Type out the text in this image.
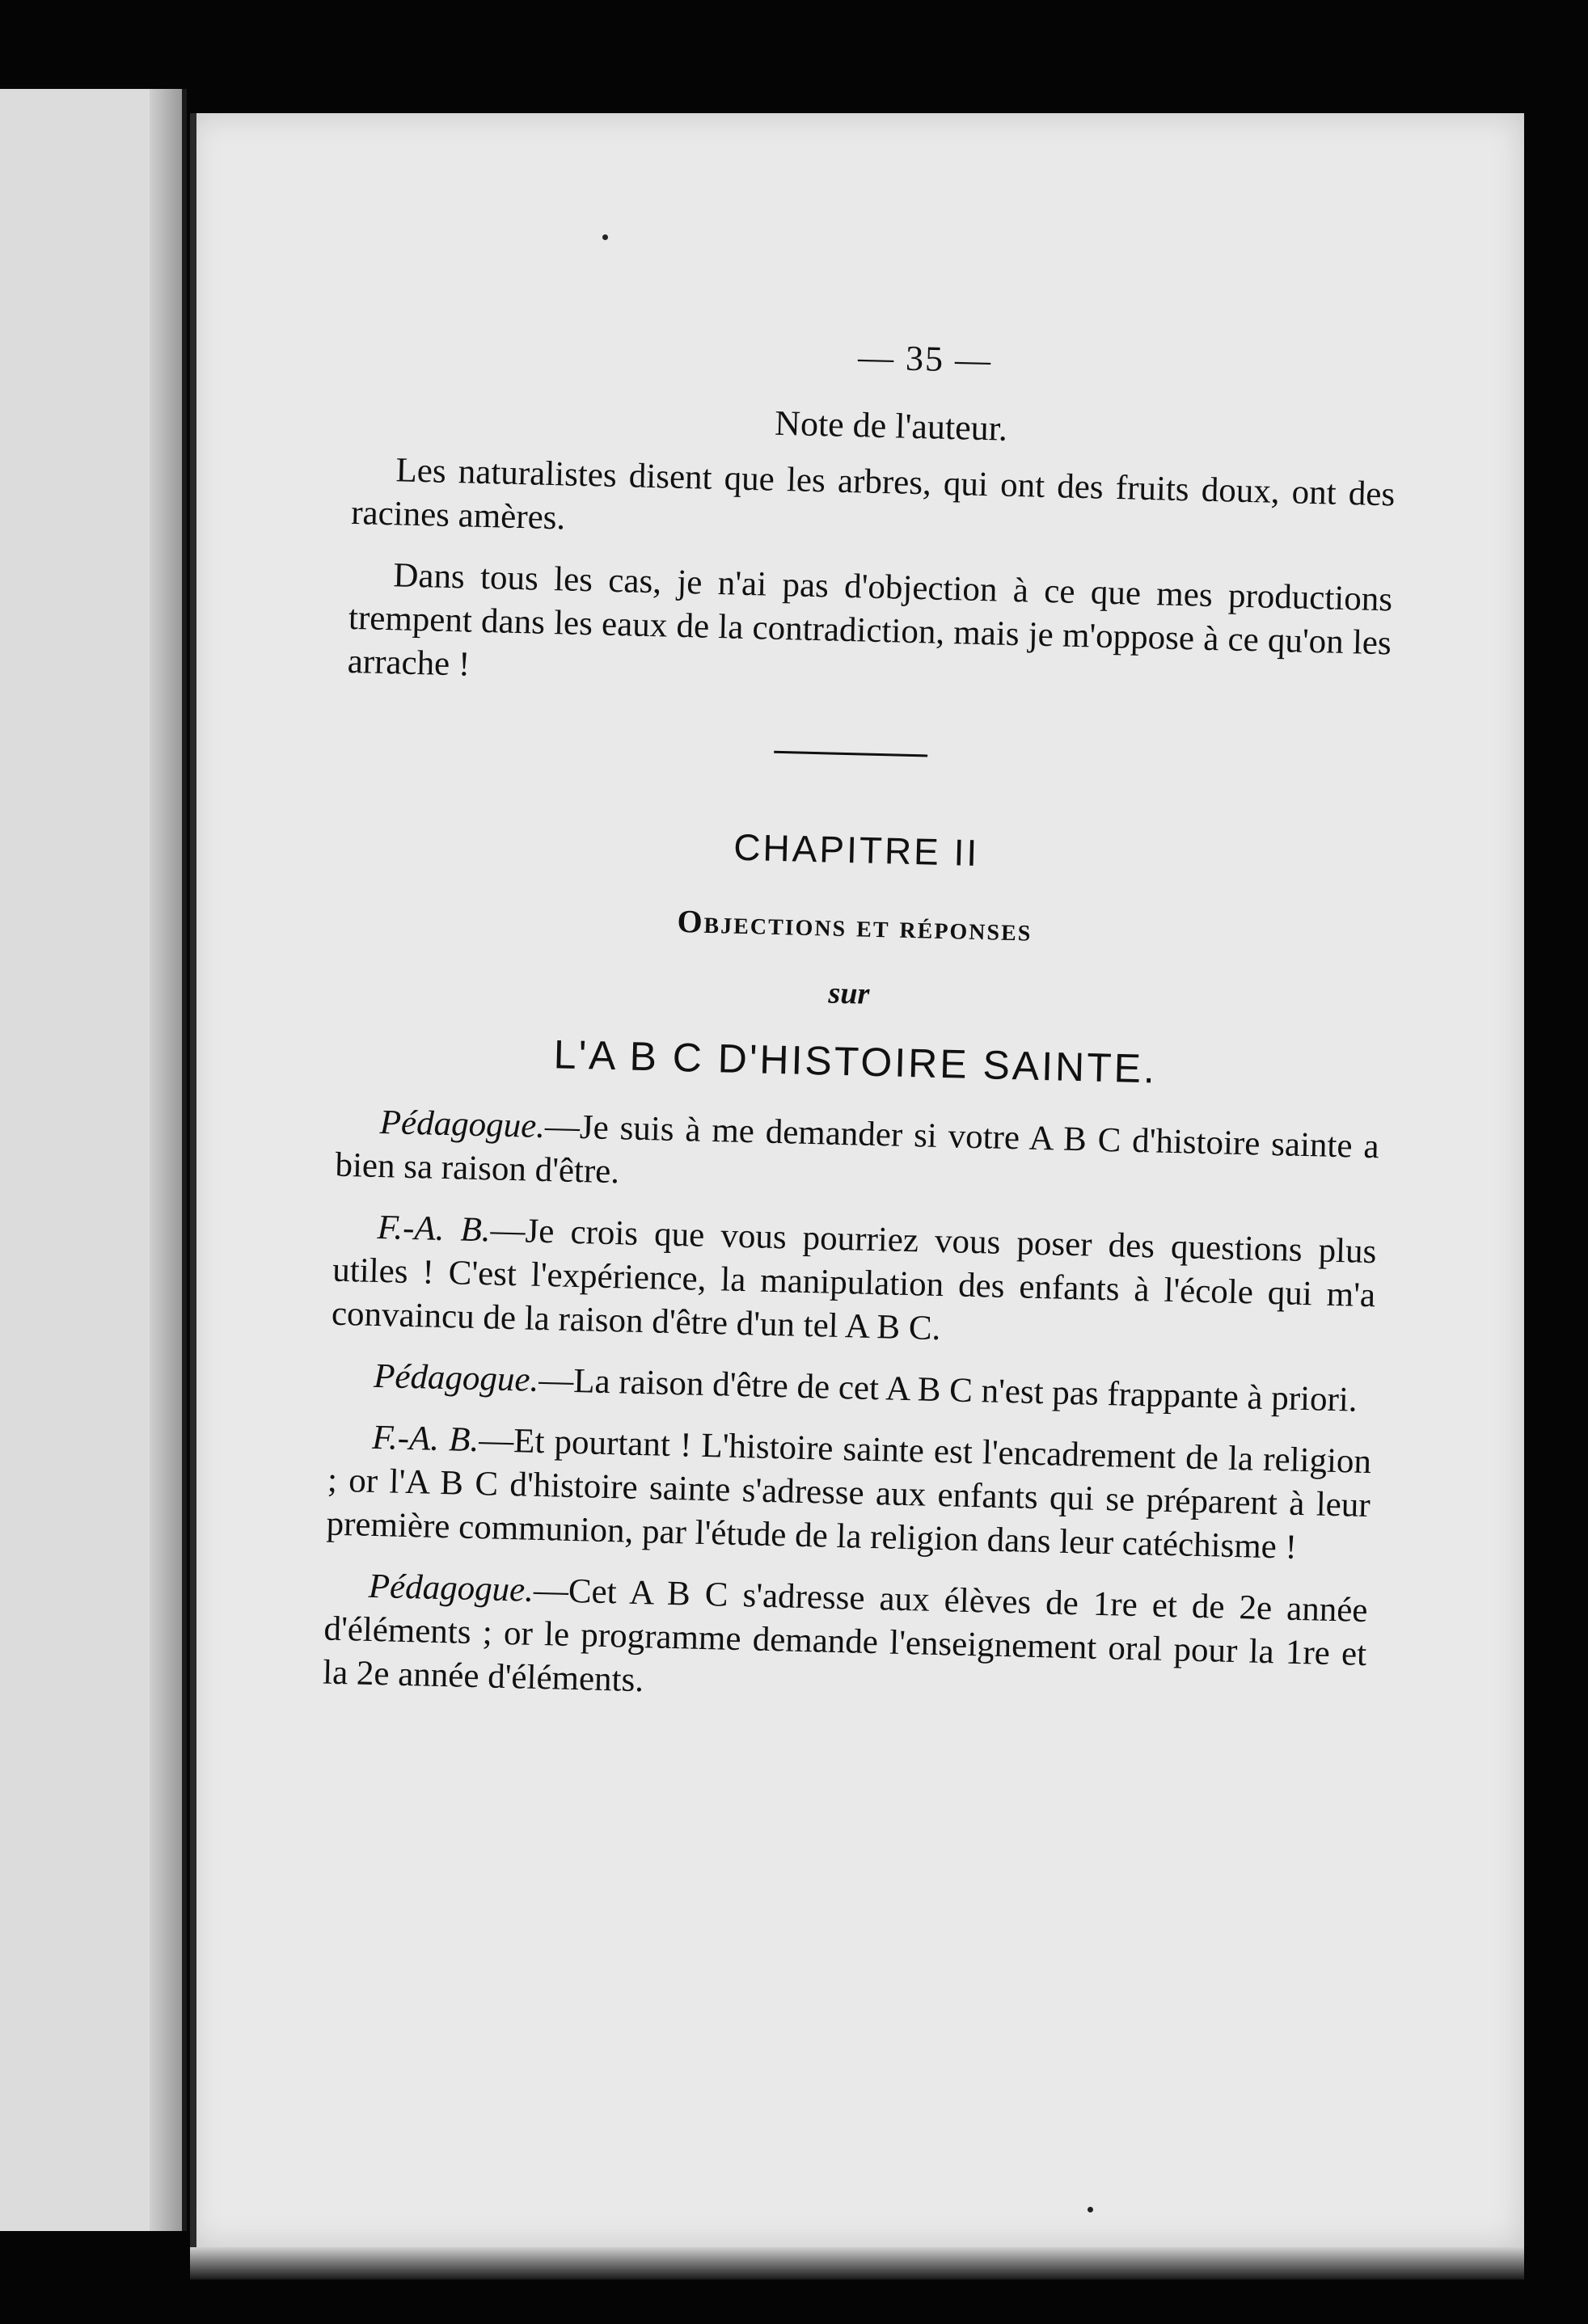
— 35 —
Note de l'auteur.

Les naturalistes disent que les arbres, qui ont des fruits doux, ont des racines amères.

Dans tous les cas, je n'ai pas d'objection à ce que mes productions trempent dans les eaux de la contradiction, mais je m'oppose à ce qu'on les arrache !

CHAPITRE II
Objections et réponses
sur
L'A B C D'HISTOIRE SAINTE.

Pédagogue.—Je suis à me demander si votre A B C d'histoire sainte a bien sa raison d'être.

F.-A. B.—Je crois que vous pourriez vous poser des questions plus utiles ! C'est l'expérience, la manipulation des enfants à l'école qui m'a convaincu de la raison d'être d'un tel A B C.

Pédagogue.—La raison d'être de cet A B C n'est pas frappante à priori.

F.-A. B.—Et pourtant ! L'histoire sainte est l'encadrement de la religion ; or l'A B C d'histoire sainte s'adresse aux enfants qui se préparent à leur première communion, par l'étude de la religion dans leur catéchisme !

Pédagogue.—Cet A B C s'adresse aux élèves de 1re et de 2e année d'éléments ; or le programme demande l'enseignement oral pour la 1re et la 2e année d'éléments.
